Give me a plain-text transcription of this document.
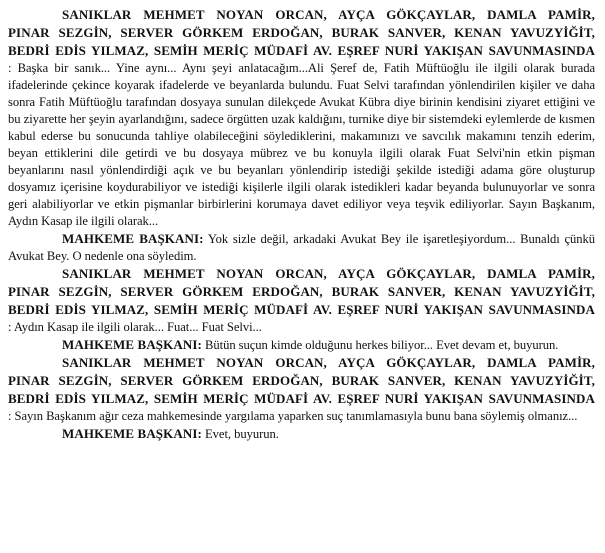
SANIKLAR MEHMET NOYAN ORCAN, AYÇA GÖKÇAYLAR, DAMLA PAMİR, PINAR SEZGİN, SERVER GÖRKEM ERDOĞAN, BURAK SANVER, KENAN YAVUZYİĞİT, BEDRİ EDİS YILMAZ, SEMİH MERİÇ MÜDAFİ AV. EŞREF NURİ YAKIŞAN SAVUNMASINDA : Başka bir sanık... Yine aynı... Aynı şeyi anlatacağım...Ali Şeref de, Fatih Müftüoğlu ile ilgili olarak burada ifadelerinde çekince koyarak ifadelerde ve beyanlarda bulundu. Fuat Selvi tarafından yönlendirilen kişiler ve daha sonra Fatih Müftüoğlu tarafından dosyaya sunulan dilekçede Avukat Kübra diye birinin kendisini ziyaret ettiğini ve bu ziyarette her şeyin ayarlandığını, sadece örgütten uzak kaldığını, turnike diye bir sistemdeki eylemlerde de kısmen kabul ederse bu sonucunda tahliye olabileceğini söylediklerini, makamınızı ve savcılık makamını tenzih ederim, beyan ettiklerini dile getirdi ve bu dosyaya mübrez ve bu konuyla ilgili olarak Fuat Selvi'nin etkin pişman beyanlarını nasıl yönlendirdiği açık ve bu beyanları yönlendirip istediği şekilde istediği adama göre oluşturup dosyamız içerisine koydurabiliyor ve istediği kişilerle ilgili olarak istedikleri kadar beyanda bulunuyorlar ve sonra geri alabiliyorlar ve etkin pişmanlar birbirlerini korumaya davet ediliyor veya teşvik ediliyorlar. Sayın Başkanım, Aydın Kasap ile ilgili olarak...

MAHKEME BAŞKANI: Yok sizle değil, arkadaki Avukat Bey ile işaretleşiyordum... Bunaldı çünkü Avukat Bey. O nedenle ona söyledim.

SANIKLAR MEHMET NOYAN ORCAN, AYÇA GÖKÇAYLAR, DAMLA PAMİR, PINAR SEZGİN, SERVER GÖRKEM ERDOĞAN, BURAK SANVER, KENAN YAVUZYİĞİT, BEDRİ EDİS YILMAZ, SEMİH MERİÇ MÜDAFİ AV. EŞREF NURİ YAKIŞAN SAVUNMASINDA : Aydın Kasap ile ilgili olarak... Fuat... Fuat Selvi...

MAHKEME BAŞKANI: Bütün suçun kimde olduğunu herkes biliyor... Evet devam et, buyurun.

SANIKLAR MEHMET NOYAN ORCAN, AYÇA GÖKÇAYLAR, DAMLA PAMİR, PINAR SEZGİN, SERVER GÖRKEM ERDOĞAN, BURAK SANVER, KENAN YAVUZYİĞİT, BEDRİ EDİS YILMAZ, SEMİH MERİÇ MÜDAFİ AV. EŞREF NURİ YAKIŞAN SAVUNMASINDA : Sayın Başkanım ağır ceza mahkemesinde yargılama yaparken suç tanımlamasıyla bunu bana söylemiş olmanız...

MAHKEME BAŞKANI: Evet, buyurun.
